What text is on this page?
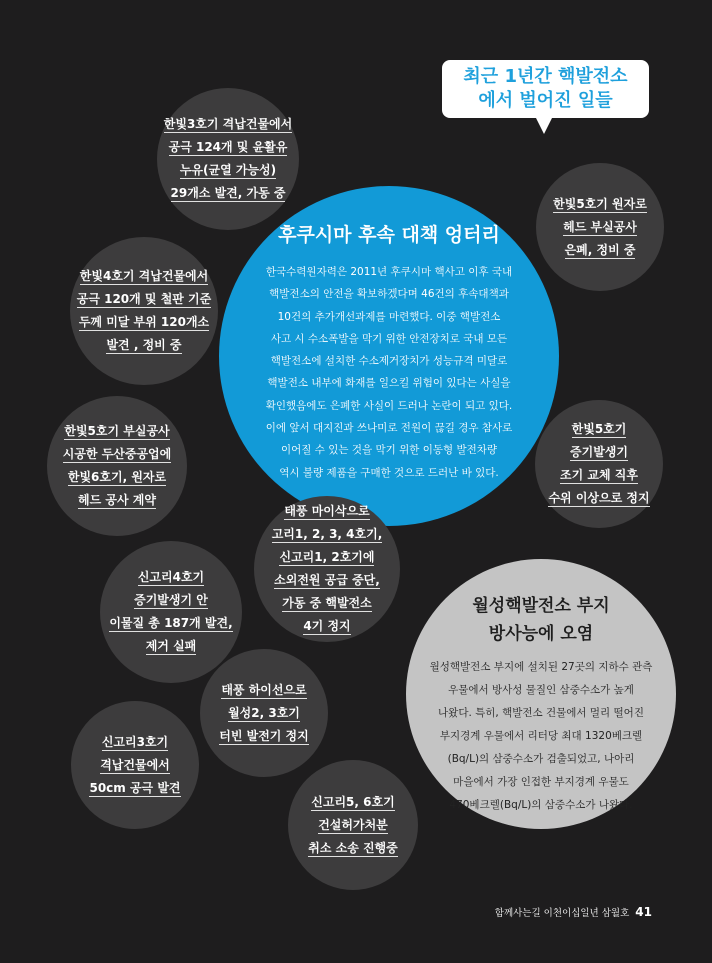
최근 1년간 핵발전소
에서 벌어진 일들
한빛3호기 격납건물에서
공극 124개 및 윤활유
누유(균열 가능성)
29개소 발견, 가동 중
한빛5호기 원자로
헤드 부실공사
은폐, 정비 중
한빛4호기 격납건물에서
공극 120개 및 철판 기준
두께 미달 부위 120개소
발견 , 정비 중
후쿠시마 후속 대책 엉터리
한국수력원자력은 2011년 후쿠시마 핵사고 이후 국내
핵발전소의 안전을 확보하겠다며 46건의 후속대책과
10건의 추가개선과제를 마련했다. 이중 핵발전소
사고 시 수소폭발을 막기 위한 안전장치로 국내 모든
핵발전소에 설치한 수소제거장치가 성능규격 미달로
핵발전소 내부에 화재를 일으킬 위험이 있다는 사실을
확인했음에도 은폐한 사실이 드러나 논란이 되고 있다.
이에 앞서 대지진과 쓰나미로 전원이 끊길 경우 참사로
이어질 수 있는 것을 막기 위한 이동형 발전차량
역시 불량 제품을 구매한 것으로 드러난 바 있다.
한빛5호기 부실공사
시공한 두산중공업에
한빛6호기, 원자로
헤드 공사 계약
한빛5호기
증기발생기
조기 교체 직후
수위 이상으로 정지
태풍 마이삭으로
고리1, 2, 3, 4호기,
신고리1, 2호기에
소외전원 공급 중단,
가동 중 핵발전소
4기 정지
신고리4호기
증기발생기 안
이물질 총 187개 발견,
제거 실패
월성핵발전소 부지
방사능에 오염
월성핵발전소 부지에 설치된 27곳의 지하수 관측
우물에서 방사성 물질인 삼중수소가 높게
나왔다. 특히, 핵발전소 건물에서 멀리 떨어진
부지경계 우물에서 리터당 최대 1320베크렐
(Bq/L)의 삼중수소가 검출되었고, 나아리
마을에서 가장 인접한 부지경계 우물도
470베크렐(Bq/L)의 삼중수소가 나왔다.
태풍 하이선으로
월성2, 3호기
터빈 발전기 정지
신고리3호기
격납건물에서
50cm 공극 발견
신고리5, 6호기
건설허가처분
취소 소송 진행중
함께사는길 이천이십일년 삼월호 41
